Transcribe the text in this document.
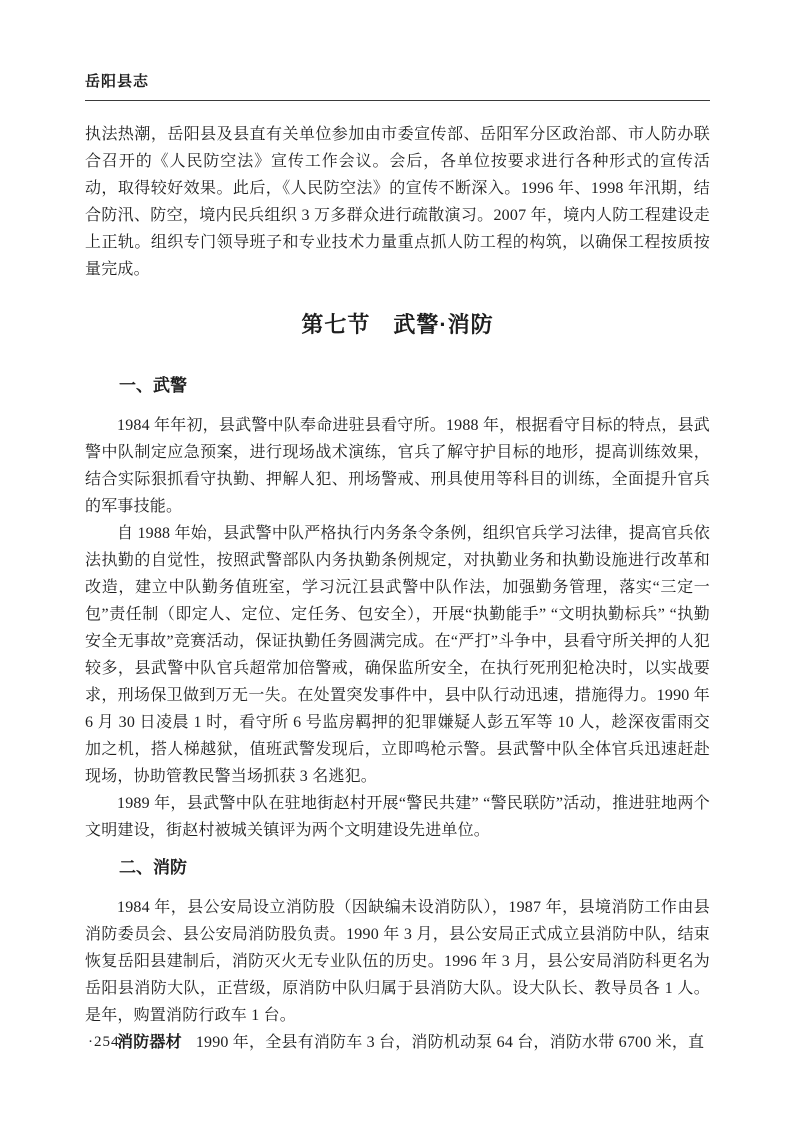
岳阳县志

执法热潮，岳阳县及县直有关单位参加由市委宣传部、岳阳军分区政治部、市人防办联合召开的《人民防空法》宣传工作会议。会后，各单位按要求进行各种形式的宣传活动，取得较好效果。此后，《人民防空法》的宣传不断深入。1996 年、1998 年汛期，结合防汛、防空，境内民兵组织 3 万多群众进行疏散演习。2007 年，境内人防工程建设走上正轨。组织专门领导班子和专业技术力量重点抓人防工程的构筑，以确保工程按质按量完成。

第七节　武警·消防
一、武警

1984 年年初，县武警中队奉命进驻县看守所。1988 年，根据看守目标的特点，县武警中队制定应急预案，进行现场战术演练，官兵了解守护目标的地形，提高训练效果，结合实际狠抓看守执勤、押解人犯、刑场警戒、刑具使用等科目的训练，全面提升官兵的军事技能。

自 1988 年始，县武警中队严格执行内务条令条例，组织官兵学习法律，提高官兵依法执勤的自觉性，按照武警部队内务执勤条例规定，对执勤业务和执勤设施进行改革和改造，建立中队勤务值班室，学习沅江县武警中队作法，加强勤务管理，落实“三定一包”责任制（即定人、定位、定任务、包安全），开展“执勤能手” “文明执勤标兵” “执勤安全无事故”竞赛活动，保证执勤任务圆满完成。在“严打”斗争中，县看守所关押的人犯较多，县武警中队官兵超常加倍警戒，确保监所安全，在执行死刑犯枪决时，以实战要求，刑场保卫做到万无一失。在处置突发事件中，县中队行动迅速，措施得力。1990 年 6 月 30 日凌晨 1 时，看守所 6 号监房羁押的犯罪嫌疑人彭五军等 10 人，趁深夜雷雨交加之机，搭人梯越狱，值班武警发现后，立即鸣枪示警。县武警中队全体官兵迅速赶赴现场，协助管教民警当场抓获 3 名逃犯。

1989 年，县武警中队在驻地街赵村开展“警民共建” “警民联防”活动，推进驻地两个文明建设，街赵村被城关镇评为两个文明建设先进单位。

二、消防

1984 年，县公安局设立消防股（因缺编未设消防队），1987 年，县境消防工作由县消防委员会、县公安局消防股负责。1990 年 3 月，县公安局正式成立县消防中队，结束恢复岳阳县建制后，消防灭火无专业队伍的历史。1996 年 3 月，县公安局消防科更名为岳阳县消防大队，正营级，原消防中队归属于县消防大队。设大队长、教导员各 1 人。是年，购置消防行政车 1 台。

消防器材 1990 年，全县有消防车 3 台，消防机动泵 64 台，消防水带 6700 米，直

·254·
